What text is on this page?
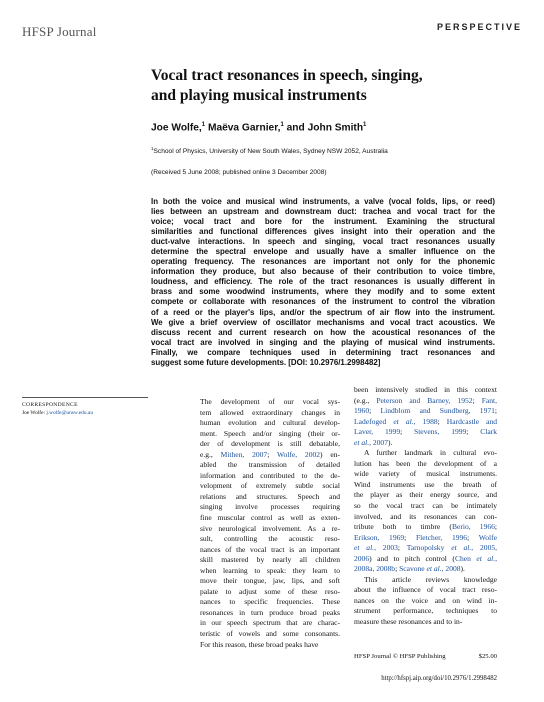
HFSP Journal	PERSPECTIVE
Vocal tract resonances in speech, singing,
and playing musical instruments
Joe Wolfe,$^1$ Maëva Garnier,$^1$ and John Smith$^1$
$^1$School of Physics, University of New South Wales, Sydney NSW 2052, Australia
(Received 5 June 2008; published online 3 December 2008)
In both the voice and musical wind instruments, a valve (vocal folds, lips, or reed)
lies between an upstream and downstream duct: trachea and vocal tract for the
voice; vocal tract and bore for the instrument. Examining the structural
similarities and functional differences gives insight into their operation and the
duct-valve interactions. In speech and singing, vocal tract resonances usually
determine the spectral envelope and usually have a smaller influence on the
operating frequency. The resonances are important not only for the phonemic
information they produce, but also because of their contribution to voice timbre,
loudness, and efficiency. The role of the tract resonances is usually different in
brass and some woodwind instruments, where they modify and to some extent
compete or collaborate with resonances of the instrument to control the vibration
of a reed or the player's lips, and/or the spectrum of air flow into the instrument.
We give a brief overview of oscillator mechanisms and vocal tract acoustics. We
discuss recent and current research on how the acoustical resonances of the
vocal tract are involved in singing and the playing of musical wind instruments.
Finally, we compare techniques used in determining tract resonances and
suggest some future developments. [DOI: 10.2976/1.2998482]
CORRESPONDENCE
Joe Wolfe: j.wolfe@unsw.edu.au
The development of our vocal sys-
tem allowed extraordinary changes in
human evolution and cultural develop-
ment. Speech and/or singing (their or-
der of development is still debatable,
e.g., Mithen, 2007; Wolfe, 2002) en-
abled the transmission of detailed
information and contributed to the de-
velopment of extremely subtle social
relations and structures. Speech and
singing involve processes requiring
fine muscular control as well as exten-
sive neurological involvement. As a re-
sult, controlling the acoustic reso-
nances of the vocal tract is an important
skill mastered by nearly all children
when learning to speak: they learn to
move their tongue, jaw, lips, and soft
palate to adjust some of these reso-
nances to specific frequencies. These
resonances in turn produce broad peaks
in our speech spectrum that are charac-
teristic of vowels and some consonants.
For this reason, these broad peaks have
been intensively studied in this context
(e.g., Peterson and Barney, 1952; Fant,
1960; Lindblom and Sundberg, 1971;
Ladefoged et al., 1988; Hardcastle and
Laver, 1999; Stevens, 1999; Clark
et al., 2007).
A further landmark in cultural evo-
lution has been the development of a
wide variety of musical instruments.
Wind instruments use the breath of
the player as their energy source, and
so the vocal tract can be intimately
involved, and its resonances can con-
tribute both to timbre (Berio, 1966;
Erikson, 1969; Fletcher, 1996; Wolfe
et al., 2003; Tarnopolsky et al., 2005,
2006) and to pitch control (Chen et al.,
2008a, 2008b; Scavone et al., 2008).
This article reviews knowledge
about the influence of vocal tract reso-
nances on the voice and on wind in-
strument performance, techniques to
measure these resonances and to in-
HFSP Journal © HFSP Publishing	$25.00
http://hfspj.aip.org/doi/10.2976/1.2998482
